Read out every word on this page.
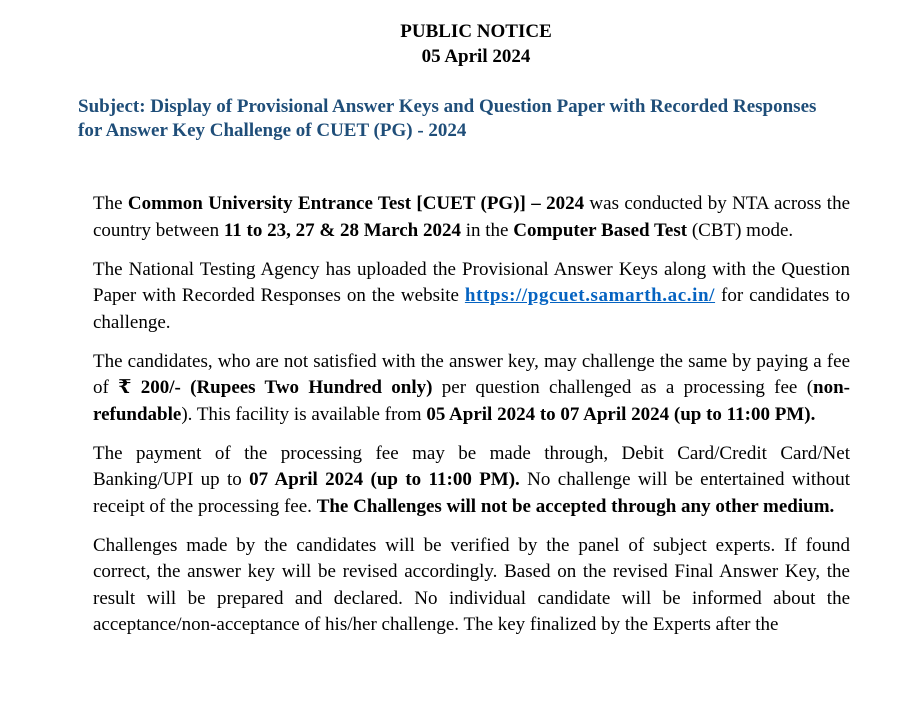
PUBLIC NOTICE
05 April 2024
Subject: Display of Provisional Answer Keys and Question Paper with Recorded Responses
for Answer Key Challenge of CUET (PG) - 2024

The Common University Entrance Test [CUET (PG)] – 2024 was conducted by NTA across the country between 11 to 23, 27 & 28 March 2024 in the Computer Based Test (CBT) mode.

The National Testing Agency has uploaded the Provisional Answer Keys along with the Question Paper with Recorded Responses on the website https://pgcuet.samarth.ac.in/ for candidates to challenge.

The candidates, who are not satisfied with the answer key, may challenge the same by paying a fee of ₹ 200/- (Rupees Two Hundred only) per question challenged as a processing fee (non-refundable). This facility is available from 05 April 2024 to 07 April 2024 (up to 11:00 PM).

The payment of the processing fee may be made through, Debit Card/Credit Card/Net Banking/UPI up to 07 April 2024 (up to 11:00 PM). No challenge will be entertained without receipt of the processing fee. The Challenges will not be accepted through any other medium.

Challenges made by the candidates will be verified by the panel of subject experts. If found correct, the answer key will be revised accordingly. Based on the revised Final Answer Key, the result will be prepared and declared. No individual candidate will be informed about the acceptance/non-acceptance of his/her challenge. The key finalized by the Experts after the
